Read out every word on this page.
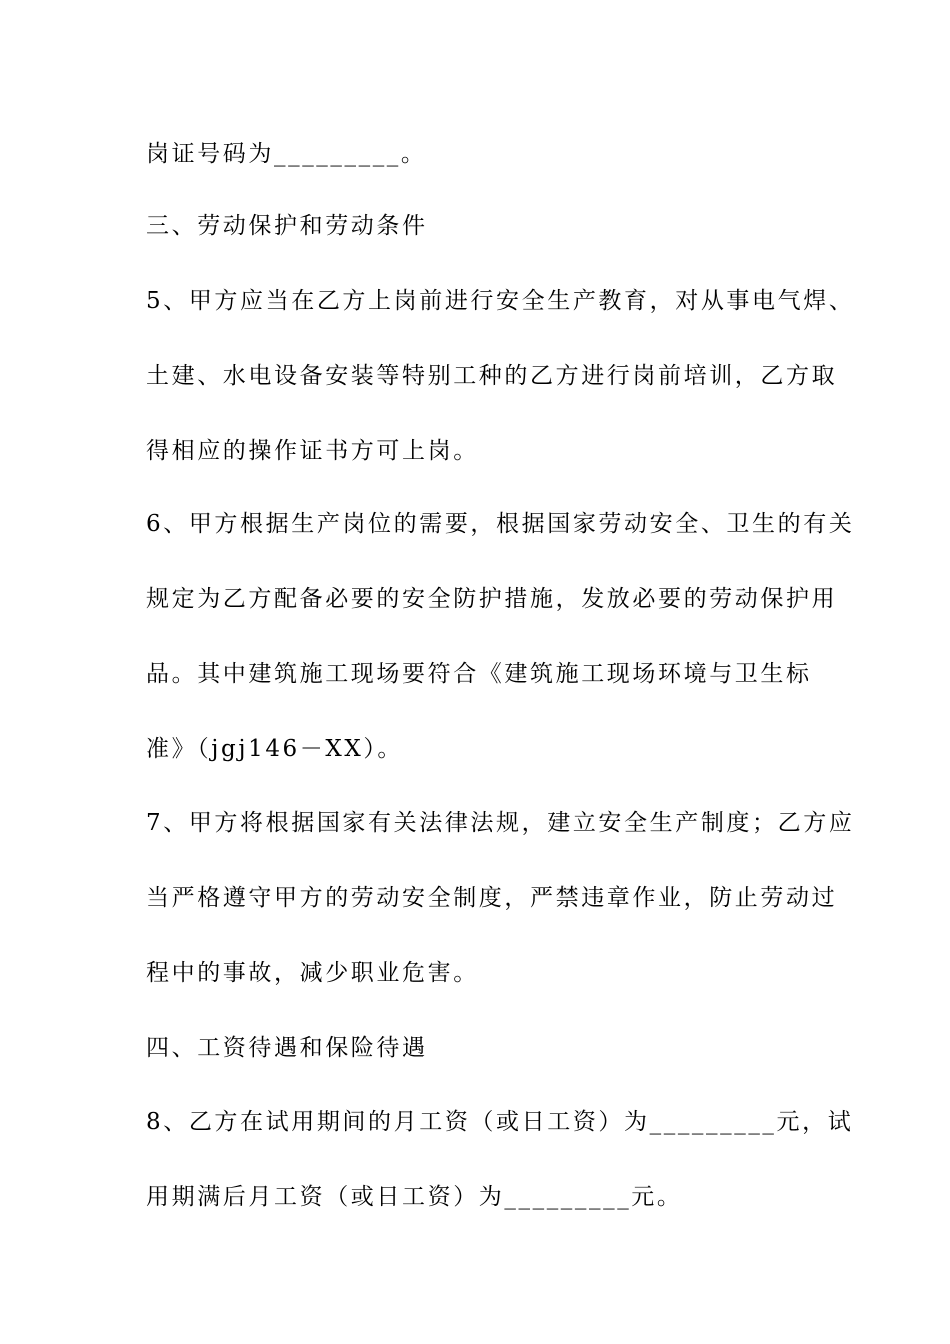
岗证号码为_________。
三、劳动保护和劳动条件
5、甲方应当在乙方上岗前进行安全生产教育，对从事电气焊、
土建、水电设备安装等特别工种的乙方进行岗前培训，乙方取
得相应的操作证书方可上岗。
6、甲方根据生产岗位的需要，根据国家劳动安全、卫生的有关
规定为乙方配备必要的安全防护措施，发放必要的劳动保护用
品。其中建筑施工现场要符合《建筑施工现场环境与卫生标
准》（jgj146－XX）。
7、甲方将根据国家有关法律法规，建立安全生产制度；乙方应
当严格遵守甲方的劳动安全制度，严禁违章作业，防止劳动过
程中的事故，减少职业危害。
四、工资待遇和保险待遇
8、乙方在试用期间的月工资（或日工资）为_________元，试
用期满后月工资（或日工资）为_________元。
